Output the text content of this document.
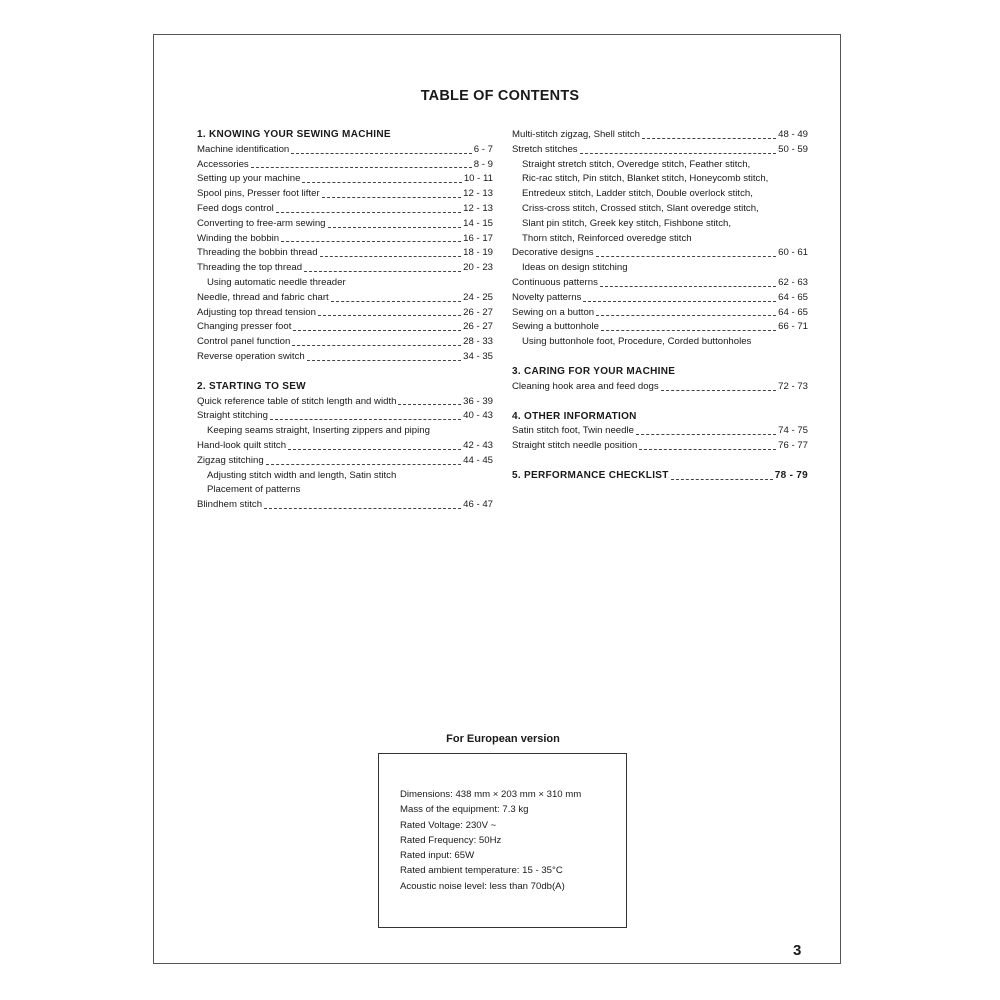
TABLE OF CONTENTS
1. KNOWING YOUR SEWING MACHINE
Machine identification	6 - 7
Accessories	8 - 9
Setting up your machine	10 - 11
Spool pins, Presser foot lifter	12 - 13
Feed dogs control	12 - 13
Converting to free-arm sewing	14 - 15
Winding the bobbin	16 - 17
Threading the bobbin thread	18 - 19
Threading the top thread	20 - 23
Using automatic needle threader
Needle, thread and fabric chart	24 - 25
Adjusting top thread tension	26 - 27
Changing presser foot	26 - 27
Control panel function	28 - 33
Reverse operation switch	34 - 35
2. STARTING TO SEW
Quick reference table of stitch length and width	36 - 39
Straight stitching	40 - 43
Keeping seams straight, Inserting zippers and piping
Hand-look quilt stitch	42 - 43
Zigzag stitching	44 - 45
Adjusting stitch width and length, Satin stitch
Placement of patterns
Blindhem stitch	46 - 47
Multi-stitch zigzag, Shell stitch	48 - 49
Stretch stitches	50 - 59
Straight stretch stitch, Overedge stitch, Feather stitch,
Ric-rac stitch, Pin stitch, Blanket stitch, Honeycomb stitch,
Entredeux stitch, Ladder stitch, Double overlock stitch,
Criss-cross stitch, Crossed stitch, Slant overedge stitch,
Slant pin stitch, Greek key stitch, Fishbone stitch,
Thorn stitch, Reinforced overedge stitch
Decorative designs	60 - 61
Ideas on design stitching
Continuous patterns	62 - 63
Novelty patterns	64 - 65
Sewing on a button	64 - 65
Sewing a buttonhole	66 - 71
Using buttonhole foot, Procedure, Corded buttonholes
3. CARING FOR YOUR MACHINE
Cleaning hook area and feed dogs	72 - 73
4. OTHER INFORMATION
Satin stitch foot, Twin needle	74 - 75
Straight stitch needle position	76 - 77
5. PERFORMANCE CHECKLIST	78 - 79
For European version
Dimensions: 438 mm × 203 mm × 310 mm
Mass of the equipment: 7.3 kg
Rated Voltage: 230V ~
Rated Frequency: 50Hz
Rated input: 65W
Rated ambient temperature: 15 - 35°C
Acoustic noise level: less than 70db(A)
3
